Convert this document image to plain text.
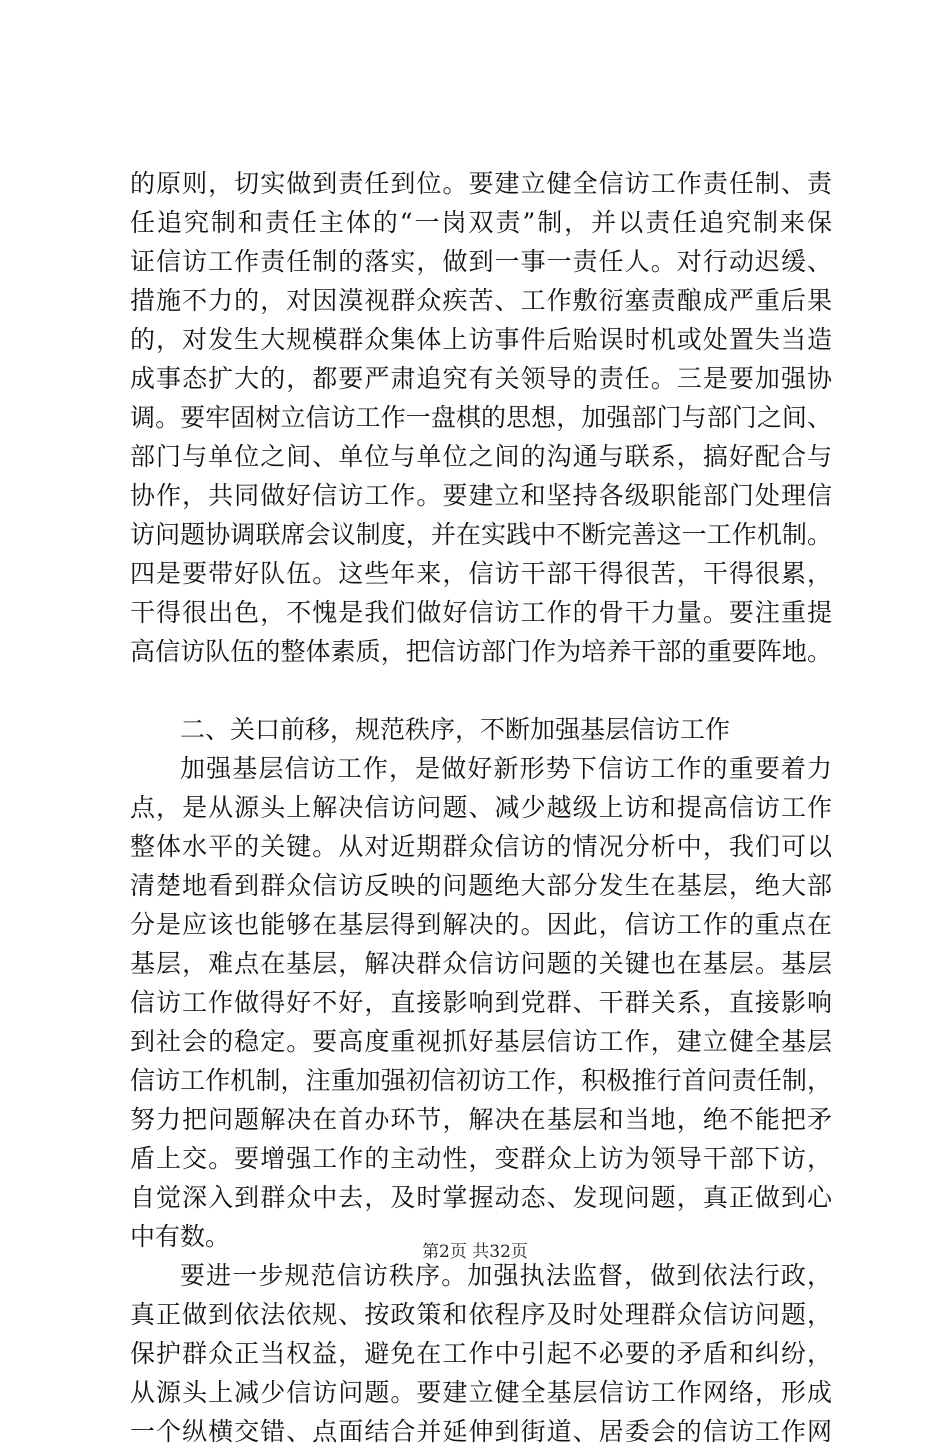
的原则，切实做到责任到位。要建立健全信访工作责任制、责
任追究制和责任主体的“一岗双责”制，并以责任追究制来保
证信访工作责任制的落实，做到一事一责任人。对行动迟缓、
措施不力的，对因漠视群众疾苦、工作敷衍塞责酿成严重后果
的，对发生大规模群众集体上访事件后贻误时机或处置失当造
成事态扩大的，都要严肃追究有关领导的责任。三是要加强协
调。要牢固树立信访工作一盘棋的思想，加强部门与部门之间、
部门与单位之间、单位与单位之间的沟通与联系，搞好配合与
协作，共同做好信访工作。要建立和坚持各级职能部门处理信
访问题协调联席会议制度，并在实践中不断完善这一工作机制。
四是要带好队伍。这些年来，信访干部干得很苦，干得很累，
干得很出色，不愧是我们做好信访工作的骨干力量。要注重提
高信访队伍的整体素质，把信访部门作为培养干部的重要阵地。
二、关口前移，规范秩序，不断加强基层信访工作
加强基层信访工作，是做好新形势下信访工作的重要着力
点，是从源头上解决信访问题、减少越级上访和提高信访工作
整体水平的关键。从对近期群众信访的情况分析中，我们可以
清楚地看到群众信访反映的问题绝大部分发生在基层，绝大部
分是应该也能够在基层得到解决的。因此，信访工作的重点在
基层，难点在基层，解决群众信访问题的关键也在基层。基层
信访工作做得好不好，直接影响到党群、干群关系，直接影响
到社会的稳定。要高度重视抓好基层信访工作，建立健全基层
信访工作机制，注重加强初信初访工作，积极推行首问责任制，
努力把问题解决在首办环节，解决在基层和当地，绝不能把矛
盾上交。要增强工作的主动性，变群众上访为领导干部下访，
自觉深入到群众中去，及时掌握动态、发现问题，真正做到心
中有数。
要进一步规范信访秩序。加强执法监督，做到依法行政，
真正做到依法依规、按政策和依程序及时处理群众信访问题，
保护群众正当权益，避免在工作中引起不必要的矛盾和纠纷，
从源头上减少信访问题。要建立健全基层信访工作网络，形成
一个纵横交错、点面结合并延伸到街道、居委会的信访工作网
第2页 共32页
